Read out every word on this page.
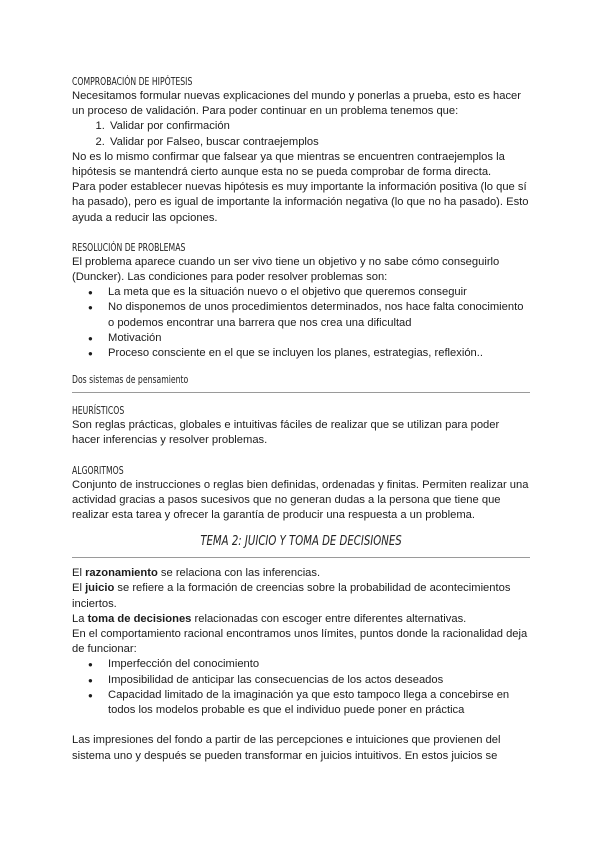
COMPROBACIÓN DE HIPÓTESIS

Necesitamos formular nuevas explicaciones del mundo y ponerlas a prueba, esto es hacer un proceso de validación. Para poder continuar en un problema tenemos que:

1. Validar por confirmación
2. Validar por Falseo, buscar contraejemplos

No es lo mismo confirmar que falsear ya que mientras se encuentren contraejemplos la hipótesis se mantendrá cierto aunque esta no se pueda comprobar de forma directa.

Para poder establecer nuevas hipótesis es muy importante la información positiva (lo que sí ha pasado), pero es igual de importante la información negativa (lo que no ha pasado). Esto ayuda a reducir las opciones.

RESOLUCIÓN DE PROBLEMAS

El problema aparece cuando un ser vivo tiene un objetivo y no sabe cómo conseguirlo (Duncker). Las condiciones para poder resolver problemas son:

● La meta que es la situación nuevo o el objetivo que queremos conseguir
● No disponemos de unos procedimientos determinados, nos hace falta conocimiento o podemos encontrar una barrera que nos crea una dificultad
● Motivación
● Proceso consciente en el que se incluyen los planes, estrategias, reflexión..

Dos sistemas de pensamiento

HEURÍSTICOS

Son reglas prácticas, globales e intuitivas fáciles de realizar que se utilizan para poder hacer inferencias y resolver problemas.

ALGORITMOS

Conjunto de instrucciones o reglas bien definidas, ordenadas y finitas. Permiten realizar una actividad gracias a pasos sucesivos que no generan dudas a la persona que tiene que realizar esta tarea y ofrecer la garantía de producir una respuesta a un problema.

TEMA 2: JUICIO Y TOMA DE DECISIONES

El razonamiento se relaciona con las inferencias.

El juicio se refiere a la formación de creencias sobre la probabilidad de acontecimientos inciertos.

La toma de decisiones relacionadas con escoger entre diferentes alternativas.

En el comportamiento racional encontramos unos límites, puntos donde la racionalidad deja de funcionar:

● Imperfección del conocimiento
● Imposibilidad de anticipar las consecuencias de los actos deseados
● Capacidad limitado de la imaginación ya que esto tampoco llega a concebirse en todos los modelos probable es que el individuo puede poner en práctica

Las impresiones del fondo a partir de las percepciones e intuiciones que provienen del sistema uno y después se pueden transformar en juicios intuitivos. En estos juicios se
